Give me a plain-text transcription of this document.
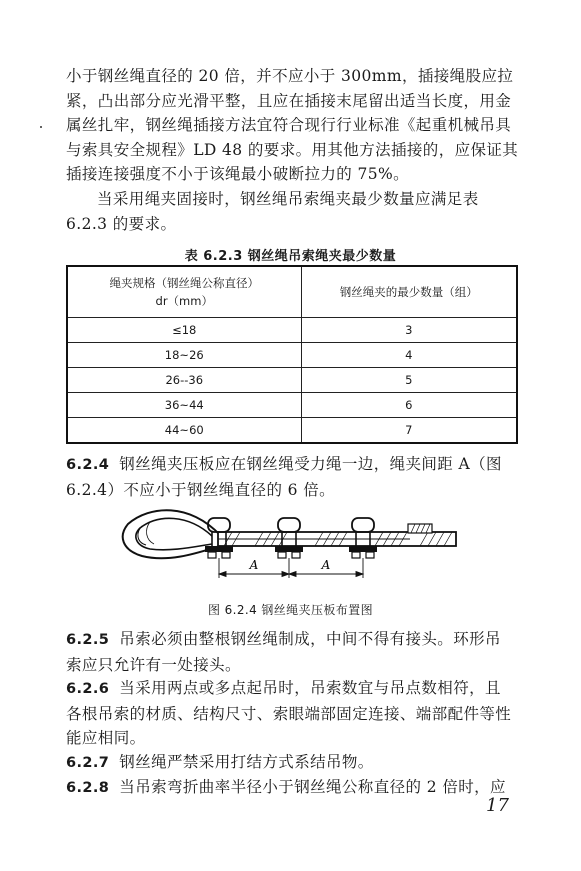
小于钢丝绳直径的 20 倍，并不应小于 300mm，插接绳股应拉
紧，凸出部分应光滑平整，且应在插接末尾留出适当长度，用金
属丝扎牢，钢丝绳插接方法宜符合现行行业标准《起重机械吊具
与索具安全规程》LD 48 的要求。用其他方法插接的，应保证其
插接连接强度不小于该绳最小破断拉力的 75%。

当采用绳夹固接时，钢丝绳吊索绳夹最少数量应满足表
6.2.3 的要求。

表 6.2.3 钢丝绳吊索绳夹最少数量
绳夹规格（钢丝绳公称直径）
dr（mm）	钢丝绳夹的最少数量（组）
≤18	3
18~26	4
26--36	5
36~44	6
44~60	7

6.2.4 钢丝绳夹压板应在钢丝绳受力绳一边，绳夹间距 A（图
6.2.4）不应小于钢丝绳直径的 6 倍。

A	A
图 6.2.4 钢丝绳夹压板布置图

6.2.5 吊索必须由整根钢丝绳制成，中间不得有接头。环形吊
索应只允许有一处接头。

6.2.6 当采用两点或多点起吊时，吊索数宜与吊点数相符，且
各根吊索的材质、结构尺寸、索眼端部固定连接、端部配件等性
能应相同。

6.2.7 钢丝绳严禁采用打结方式系结吊物。

6.2.8 当吊索弯折曲率半径小于钢丝绳公称直径的 2 倍时，应

17
